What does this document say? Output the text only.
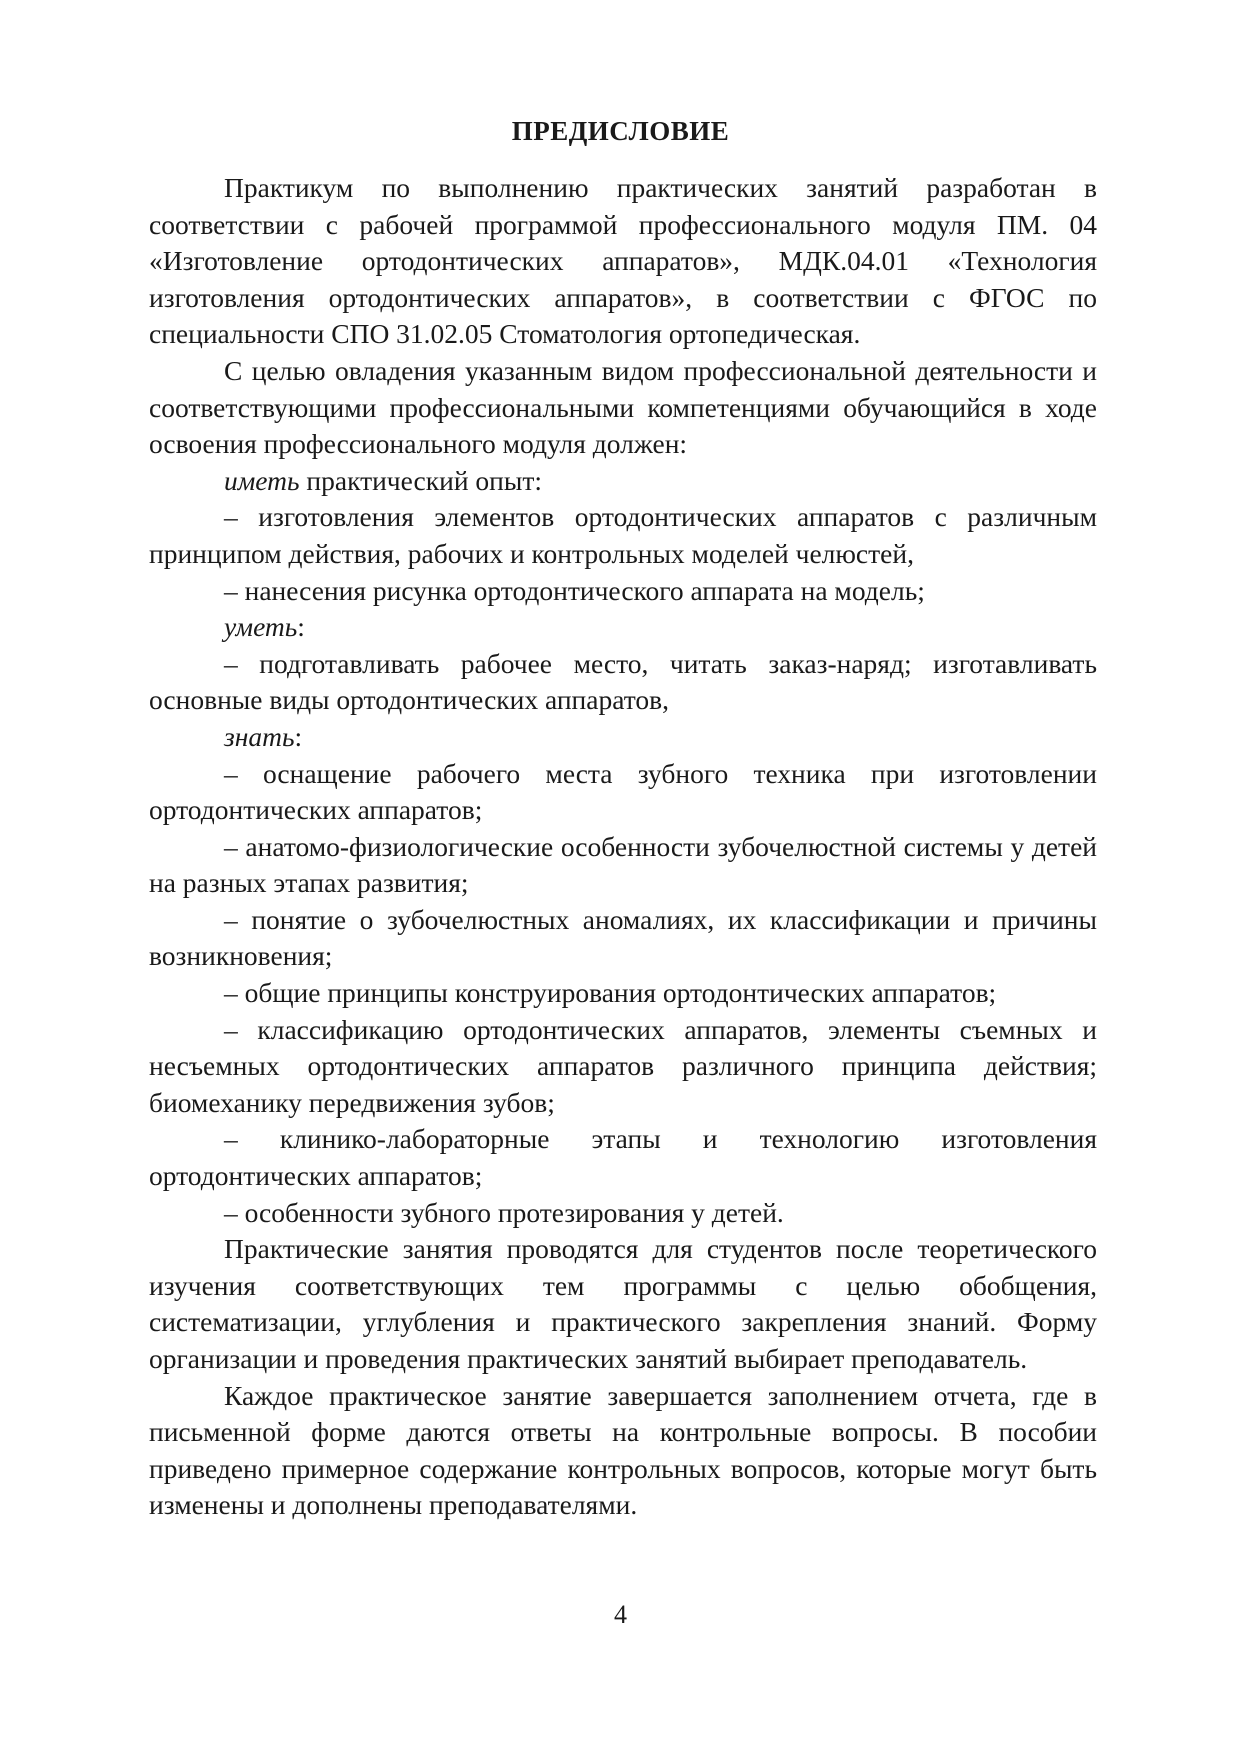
ПРЕДИСЛОВИЕ

Практикум по выполнению практических занятий разработан в соответствии с рабочей программой профессионального модуля ПМ. 04 «Изготовление ортодонтических аппаратов», МДК.04.01 «Технология изготовления ортодонтических аппаратов», в соответствии с ФГОС по специальности СПО 31.02.05 Стоматология ортопедическая.

С целью овладения указанным видом профессиональной деятельности и соответствующими профессиональными компетенциями обучающийся в ходе освоения профессионального модуля должен:

иметь практический опыт:

– изготовления элементов ортодонтических аппаратов с различным принципом действия, рабочих и контрольных моделей челюстей,

– нанесения рисунка ортодонтического аппарата на модель;

уметь:

– подготавливать рабочее место, читать заказ-наряд; изготавливать основные виды ортодонтических аппаратов,

знать:

– оснащение рабочего места зубного техника при изготовлении ортодонтических аппаратов;

– анатомо-физиологические особенности зубочелюстной системы у детей на разных этапах развития;

– понятие о зубочелюстных аномалиях, их классификации и причины возникновения;

– общие принципы конструирования ортодонтических аппаратов;

– классификацию ортодонтических аппаратов, элементы съемных и несъемных ортодонтических аппаратов различного принципа действия; биомеханику передвижения зубов;

– клинико-лабораторные этапы и технологию изготовления ортодонтических аппаратов;

– особенности зубного протезирования у детей.

Практические занятия проводятся для студентов после теоретического изучения соответствующих тем программы с целью обобщения, систематизации, углубления и практического закрепления знаний. Форму организации и проведения практических занятий выбирает преподаватель.

Каждое практическое занятие завершается заполнением отчета, где в письменной форме даются ответы на контрольные вопросы. В пособии приведено примерное содержание контрольных вопросов, которые могут быть изменены и дополнены преподавателями.

4
